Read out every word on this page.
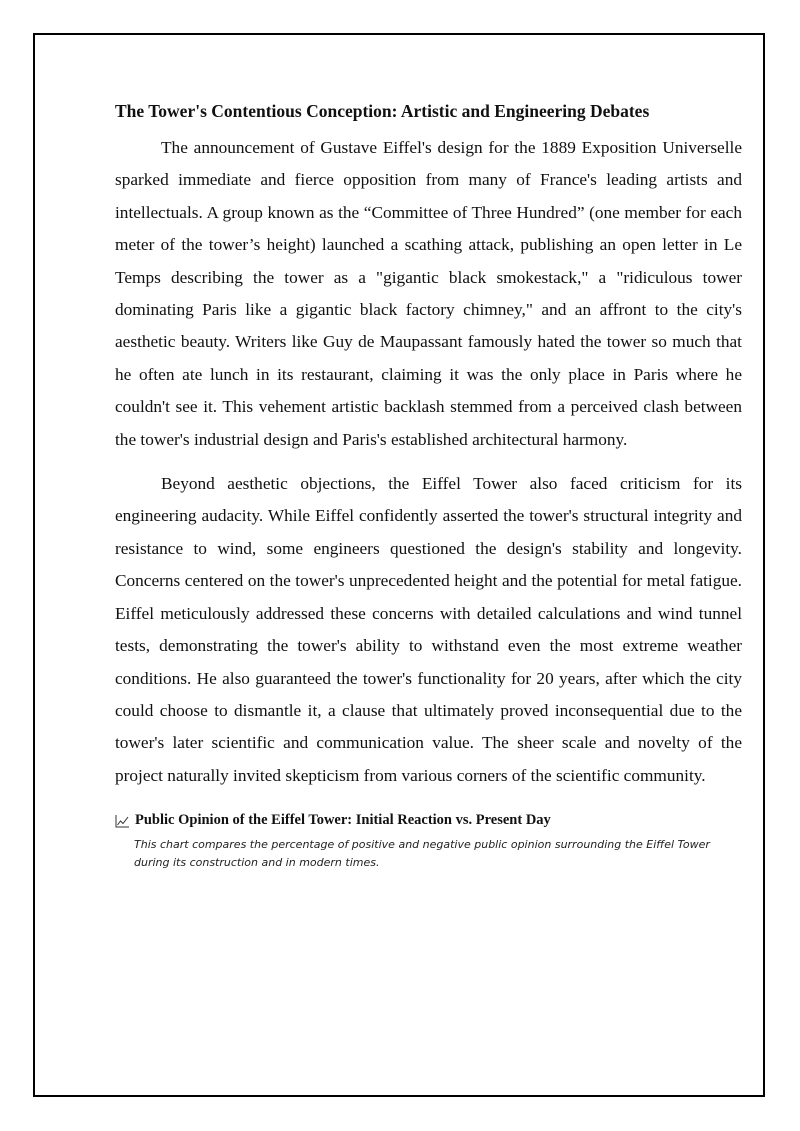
The Tower's Contentious Conception: Artistic and Engineering Debates

The announcement of Gustave Eiffel's design for the 1889 Exposition Universelle sparked immediate and fierce opposition from many of France's leading artists and intellectuals. A group known as the “Committee of Three Hundred” (one member for each meter of the tower’s height) launched a scathing attack, publishing an open letter in Le Temps describing the tower as a "gigantic black smokestack," a "ridiculous tower dominating Paris like a gigantic black factory chimney," and an affront to the city's aesthetic beauty. Writers like Guy de Maupassant famously hated the tower so much that he often ate lunch in its restaurant, claiming it was the only place in Paris where he couldn't see it. This vehement artistic backlash stemmed from a perceived clash between the tower's industrial design and Paris's established architectural harmony.

Beyond aesthetic objections, the Eiffel Tower also faced criticism for its engineering audacity. While Eiffel confidently asserted the tower's structural integrity and resistance to wind, some engineers questioned the design's stability and longevity. Concerns centered on the tower's unprecedented height and the potential for metal fatigue. Eiffel meticulously addressed these concerns with detailed calculations and wind tunnel tests, demonstrating the tower's ability to withstand even the most extreme weather conditions. He also guaranteed the tower's functionality for 20 years, after which the city could choose to dismantle it, a clause that ultimately proved inconsequential due to the tower's later scientific and communication value. The sheer scale and novelty of the project naturally invited skepticism from various corners of the scientific community.

Public Opinion of the Eiffel Tower: Initial Reaction vs. Present Day

This chart compares the percentage of positive and negative public opinion surrounding the Eiffel Tower during its construction and in modern times.
